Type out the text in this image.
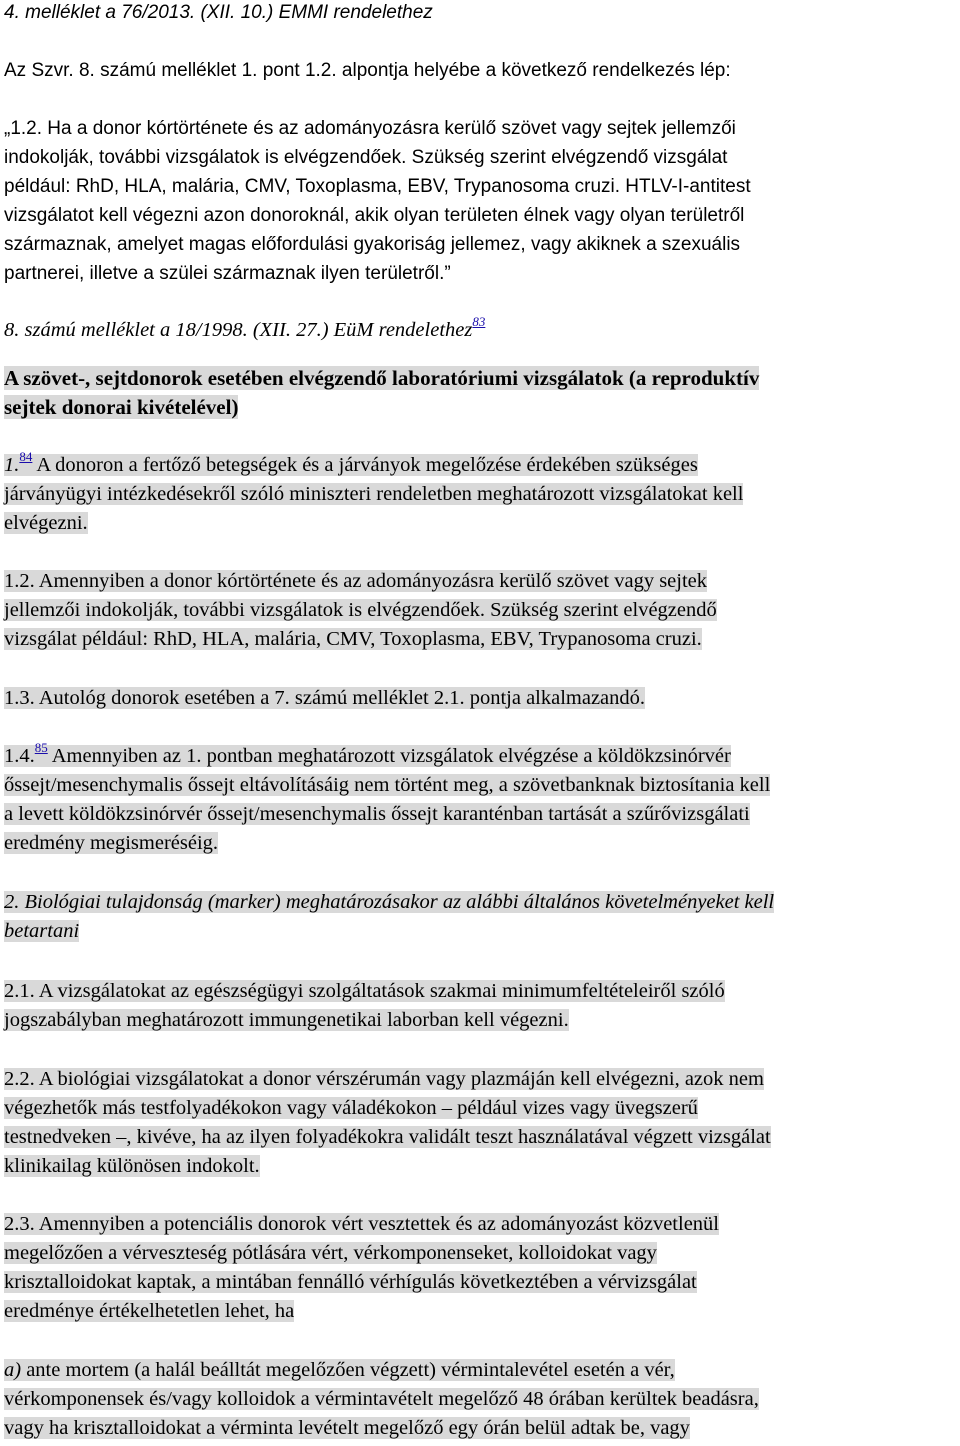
4. melléklet a 76/2013. (XII. 10.) EMMI rendelethez
Az Szvr. 8. számú melléklet 1. pont 1.2. alpontja helyébe a következő rendelkezés lép:
„1.2. Ha a donor kórtörténete és az adományozásra kerülő szövet vagy sejtek jellemzői
indokolják, további vizsgálatok is elvégzendőek. Szükség szerint elvégzendő vizsgálat
például: RhD, HLA, malária, CMV, Toxoplasma, EBV, Trypanosoma cruzi. HTLV-I-antitest
vizsgálatot kell végezni azon donoroknál, akik olyan területen élnek vagy olyan területről
származnak, amelyet magas előfordulási gyakoriság jellemez, vagy akiknek a szexuális
partnerei, illetve a szülei származnak ilyen területről.”
8. számú melléklet a 18/1998. (XII. 27.) EüM rendelethez$^{83}$
A szövet-, sejtdonorok esetében elvégzendő laboratóriumi vizsgálatok (a reproduktív
sejtek donorai kivételével)
1.84 A donoron a fertőző betegségek és a járványok megelőzése érdekében szükséges
járványügyi intézkedésekről szóló miniszteri rendeletben meghatározott vizsgálatokat kell
elvégezni.
1.2. Amennyiben a donor kórtörténete és az adományozásra kerülő szövet vagy sejtek
jellemzői indokolják, további vizsgálatok is elvégzendőek. Szükség szerint elvégzendő
vizsgálat például: RhD, HLA, malária, CMV, Toxoplasma, EBV, Trypanosoma cruzi.
1.3. Autológ donorok esetében a 7. számú melléklet 2.1. pontja alkalmazandó.
1.4.85 Amennyiben az 1. pontban meghatározott vizsgálatok elvégzése a köldökzsinórvér
őssejt/mesenchymalis őssejt eltávolításáig nem történt meg, a szövetbanknak biztosítania kell
a levett köldökzsinórvér őssejt/mesenchymalis őssejt karanténban tartását a szűrővizsgálati
eredmény megismeréséig.
2. Biológiai tulajdonság (marker) meghatározásakor az alábbi általános követelményeket kell
betartani
2.1. A vizsgálatokat az egészségügyi szolgáltatások szakmai minimumfeltételeiről szóló
jogszabályban meghatározott immungenetikai laborban kell végezni.
2.2. A biológiai vizsgálatokat a donor vérszérumán vagy plazmáján kell elvégezni, azok nem
végezhetők más testfolyadékokon vagy váladékokon – például vizes vagy üvegszerű
testnedveken –, kivéve, ha az ilyen folyadékokra validált teszt használatával végzett vizsgálat
klinikailag különösen indokolt.
2.3. Amennyiben a potenciális donorok vért vesztettek és az adományozást közvetlenül
megelőzően a vérveszteség pótlására vért, vérkomponenseket, kolloidokat vagy
krisztalloidokat kaptak, a mintában fennálló vérhígulás következtében a vérvizsgálat
eredménye értékelhetetlen lehet, ha
a) ante mortem (a halál beálltát megelőzően végzett) vérmintalevétel esetén a vér,
vérkomponensek és/vagy kolloidok a vérmintavételt megelőző 48 órában kerültek beadásra,
vagy ha krisztalloidokat a vérminta levételt megelőző egy órán belül adtak be, vagy
